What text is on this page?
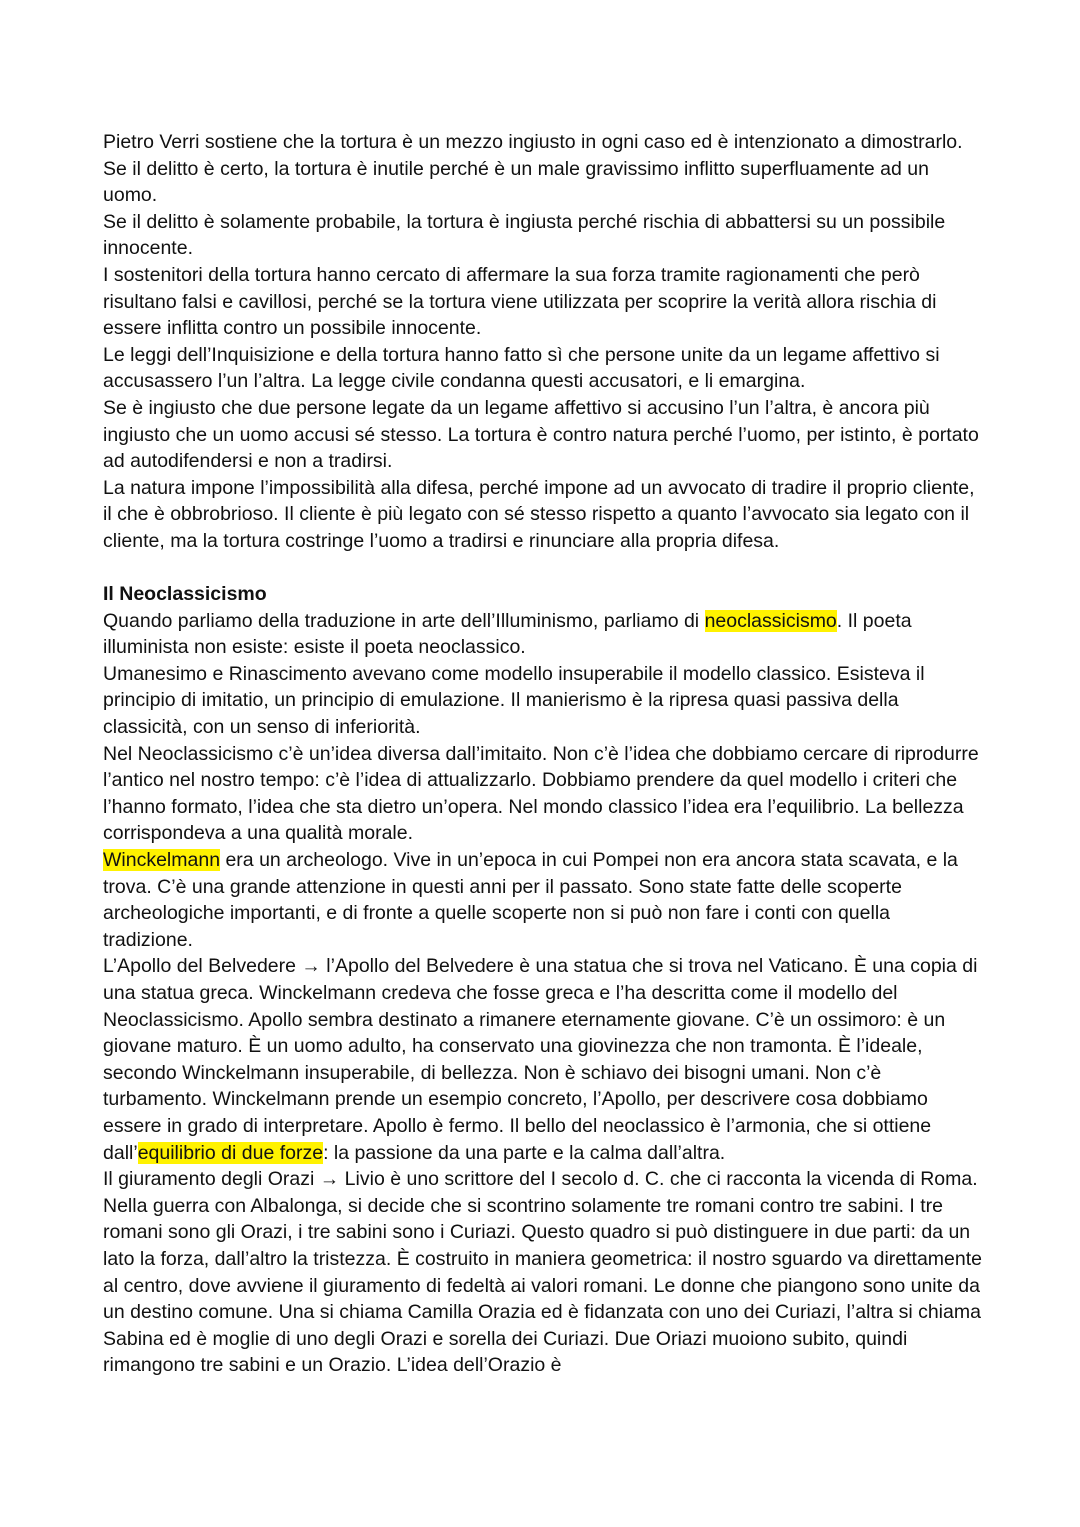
Pietro Verri sostiene che la tortura è un mezzo ingiusto in ogni caso ed è intenzionato a dimostrarlo.

Se il delitto è certo, la tortura è inutile perché è un male gravissimo inflitto superfluamente ad un uomo.

Se il delitto è solamente probabile, la tortura è ingiusta perché rischia di abbattersi su un possibile innocente.

I sostenitori della tortura hanno cercato di affermare la sua forza tramite ragionamenti che però risultano falsi e cavillosi, perché se la tortura viene utilizzata per scoprire la verità allora rischia di essere inflitta contro un possibile innocente.

Le leggi dell’Inquisizione e della tortura hanno fatto sì che persone unite da un legame affettivo si accusassero l’un l’altra. La legge civile condanna questi accusatori, e li emargina.

Se è ingiusto che due persone legate da un legame affettivo si accusino l’un l’altra, è ancora più ingiusto che un uomo accusi sé stesso. La tortura è contro natura perché l’uomo, per istinto, è portato ad autodifendersi e non a tradirsi.

La natura impone l’impossibilità alla difesa, perché impone ad un avvocato di tradire il proprio cliente, il che è obbrobrioso. Il cliente è più legato con sé stesso rispetto a quanto l’avvocato sia legato con il cliente, ma la tortura costringe l’uomo a tradirsi e rinunciare alla propria difesa.

Il Neoclassicismo

Quando parliamo della traduzione in arte dell’Illuminismo, parliamo di neoclassicismo. Il poeta illuminista non esiste: esiste il poeta neoclassico.

Umanesimo e Rinascimento avevano come modello insuperabile il modello classico. Esisteva il principio di imitatio, un principio di emulazione. Il manierismo è la ripresa quasi passiva della classicità, con un senso di inferiorità.

Nel Neoclassicismo c’è un’idea diversa dall’imitaito. Non c’è l’idea che dobbiamo cercare di riprodurre l’antico nel nostro tempo: c’è l’idea di attualizzarlo. Dobbiamo prendere da quel modello i criteri che l’hanno formato, l’idea che sta dietro un’opera. Nel mondo classico l’idea era l’equilibrio. La bellezza corrispondeva a una qualità morale.

Winckelmann era un archeologo. Vive in un’epoca in cui Pompei non era ancora stata scavata, e la trova. C’è una grande attenzione in questi anni per il passato. Sono state fatte delle scoperte archeologiche importanti, e di fronte a quelle scoperte non si può non fare i conti con quella tradizione.

L’Apollo del Belvedere → l’Apollo del Belvedere è una statua che si trova nel Vaticano. È una copia di una statua greca. Winckelmann credeva che fosse greca e l’ha descritta come il modello del Neoclassicismo. Apollo sembra destinato a rimanere eternamente giovane. C’è un ossimoro: è un giovane maturo. È un uomo adulto, ha conservato una giovinezza che non tramonta. È l’ideale, secondo Winckelmann insuperabile, di bellezza. Non è schiavo dei bisogni umani. Non c’è turbamento. Winckelmann prende un esempio concreto, l’Apollo, per descrivere cosa dobbiamo essere in grado di interpretare. Apollo è fermo. Il bello del neoclassico è l’armonia, che si ottiene dall’equilibrio di due forze: la passione da una parte e la calma dall’altra.

Il giuramento degli Orazi → Livio è uno scrittore del I secolo d. C. che ci racconta la vicenda di Roma. Nella guerra con Albalonga, si decide che si scontrino solamente tre romani contro tre sabini. I tre romani sono gli Orazi, i tre sabini sono i Curiazi. Questo quadro si può distinguere in due parti: da un lato la forza, dall’altro la tristezza. È costruito in maniera geometrica: il nostro sguardo va direttamente al centro, dove avviene il giuramento di fedeltà ai valori romani. Le donne che piangono sono unite da un destino comune. Una si chiama Camilla Orazia ed è fidanzata con uno dei Curiazi, l’altra si chiama Sabina ed è moglie di uno degli Orazi e sorella dei Curiazi. Due Oriazi muoiono subito, quindi rimangono tre sabini e un Orazio. L’idea dell’Orazio è
